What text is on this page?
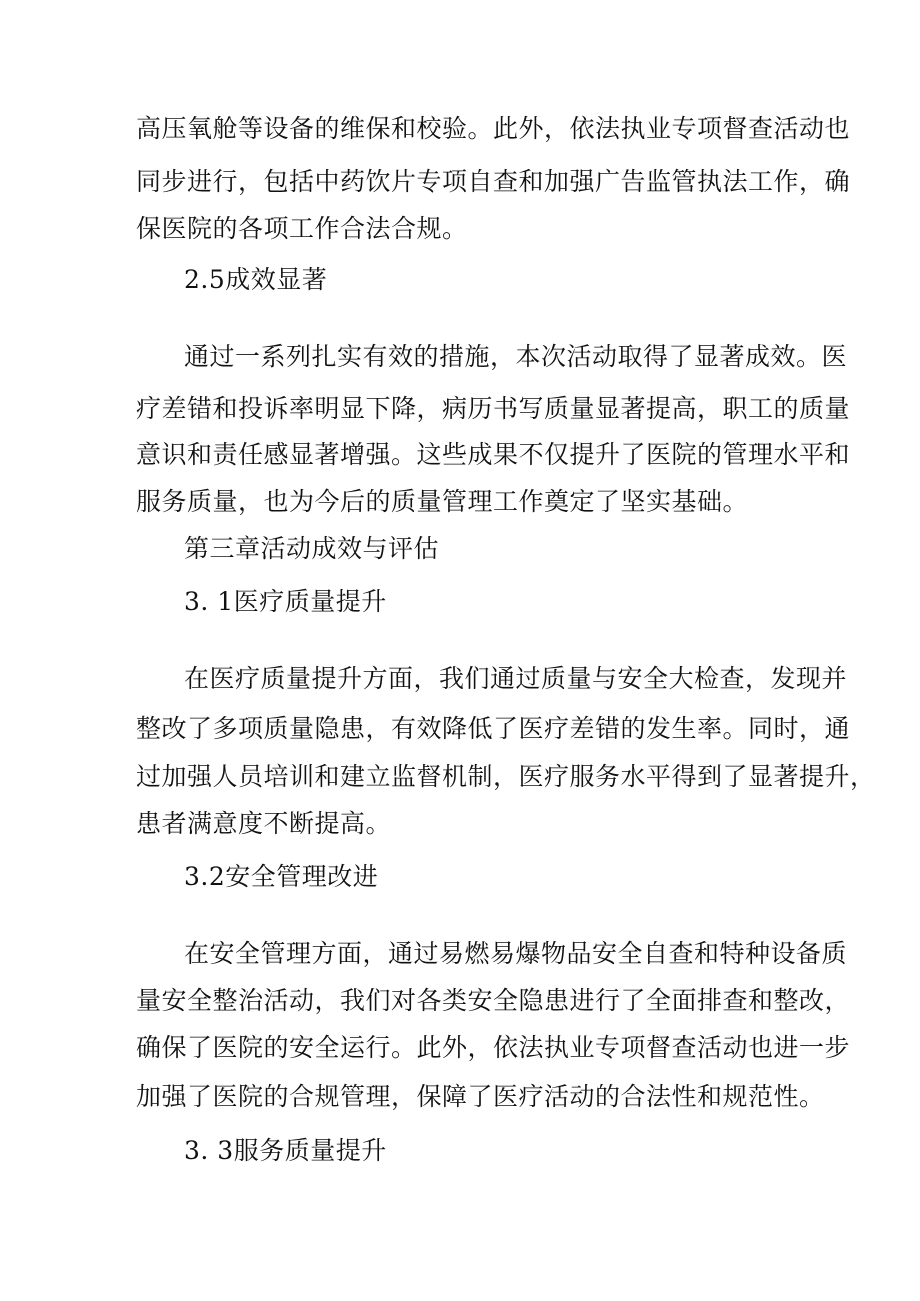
高压氧舱等设备的维保和校验。此外，依法执业专项督查活动也
同步进行，包括中药饮片专项自查和加强广告监管执法工作，确
保医院的各项工作合法合规。
2.5成效显著
通过一系列扎实有效的措施，本次活动取得了显著成效。医
疗差错和投诉率明显下降，病历书写质量显著提高，职工的质量
意识和责任感显著增强。这些成果不仅提升了医院的管理水平和
服务质量，也为今后的质量管理工作奠定了坚实基础。
第三章活动成效与评估
3. 1医疗质量提升
在医疗质量提升方面，我们通过质量与安全大检查，发现并
整改了多项质量隐患，有效降低了医疗差错的发生率。同时，通
过加强人员培训和建立监督机制，医疗服务水平得到了显著提升，
患者满意度不断提高。
3.2安全管理改进
在安全管理方面，通过易燃易爆物品安全自查和特种设备质
量安全整治活动，我们对各类安全隐患进行了全面排查和整改，
确保了医院的安全运行。此外，依法执业专项督查活动也进一步
加强了医院的合规管理，保障了医疗活动的合法性和规范性。
3. 3服务质量提升
